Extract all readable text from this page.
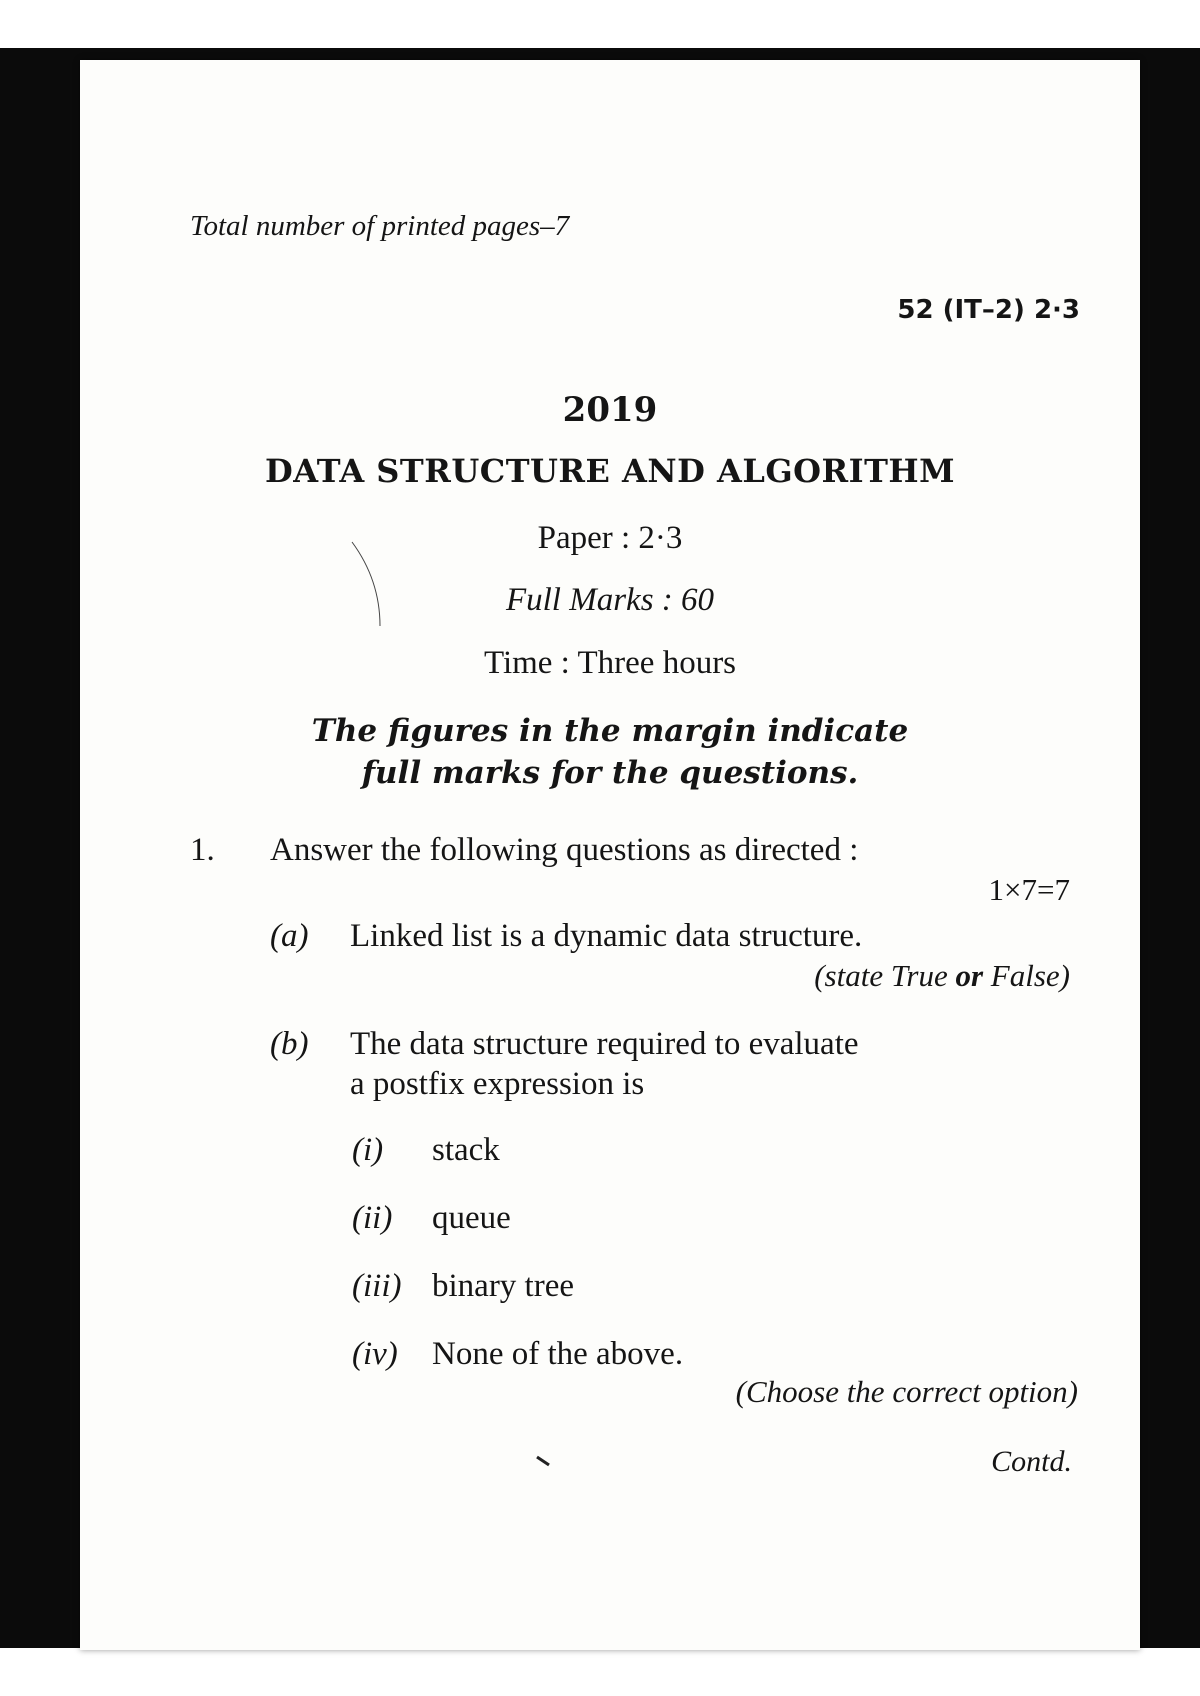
Total number of printed pages–7
52 (IT–2) 2·3
2019
DATA STRUCTURE AND ALGORITHM
Paper : 2·3
Full Marks : 60
Time : Three hours
The figures in the margin indicate
full marks for the questions.
1. Answer the following questions as directed :
1×7=7
(a) Linked list is a dynamic data structure.
(state True or False)
(b) The data structure required to evaluate
a postfix expression is
(i) stack
(ii) queue
(iii) binary tree
(iv) None of the above.
(Choose the correct option)
Contd.
